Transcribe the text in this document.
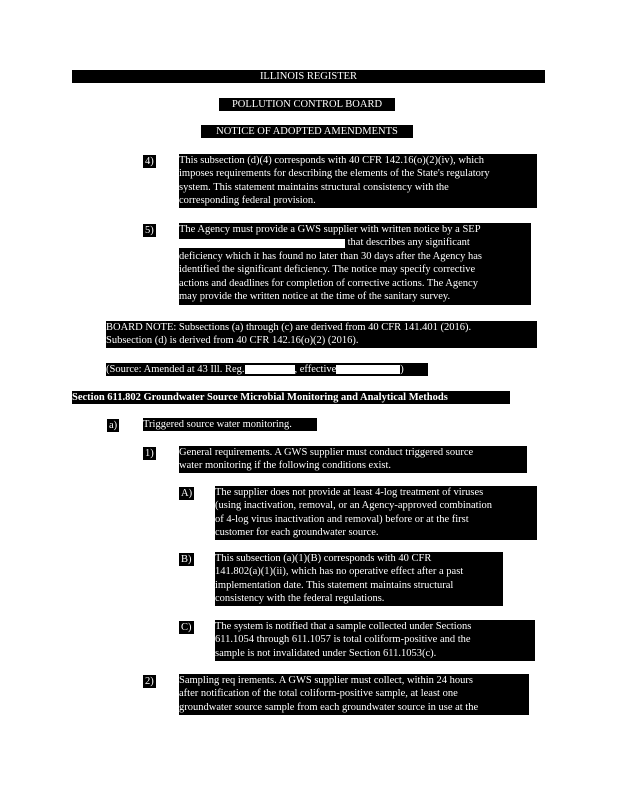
ILLINOIS REGISTER
POLLUTION CONTROL BOARD
NOTICE OF ADOPTED AMENDMENTS
4) This subsection (d)(4) corresponds with 40 CFR 142.16(o)(2)(iv), which
imposes requirements for describing the elements of the State's regulatory
system. This statement maintains structural consistency with the
corresponding federal provision.
5) The Agency must provide a GWS supplier with written notice by a SEP
that describes any significant
deficiency which it has found no later than 30 days after the Agency has
identified the significant deficiency. The notice may specify corrective
actions and deadlines for completion of corrective actions. The Agency
may provide the written notice at the time of the sanitary survey.
BOARD NOTE: Subsections (a) through (c) are derived from 40 CFR 141.401 (2016).
Subsection (d) is derived from 40 CFR 142.16(o)(2) (2016).
(Source: Amended at 43 Ill. Reg.	, effective	)
Section 611.802 Groundwater Source Microbial Monitoring and Analytical Methods
a) Triggered source water monitoring.
1) General requirements. A GWS supplier must conduct triggered source
water monitoring if the following conditions exist.
A) The supplier does not provide at least 4-log treatment of viruses
(using inactivation, removal, or an Agency-approved combination
of 4-log virus inactivation and removal) before or at the first
customer for each groundwater source.
B) This subsection (a)(1)(B) corresponds with 40 CFR
141.802(a)(1)(ii), which has no operative effect after a past
implementation date. This statement maintains structural
consistency with the federal regulations.
C) The system is notified that a sample collected under Sections
611.1054 through 611.1057 is total coliform-positive and the
sample is not invalidated under Section 611.1053(c).
2) Sampling req irements. A GWS supplier must collect, within 24 hours
after notification of the total coliform-positive sample, at least one
groundwater source sample from each groundwater source in use at the
